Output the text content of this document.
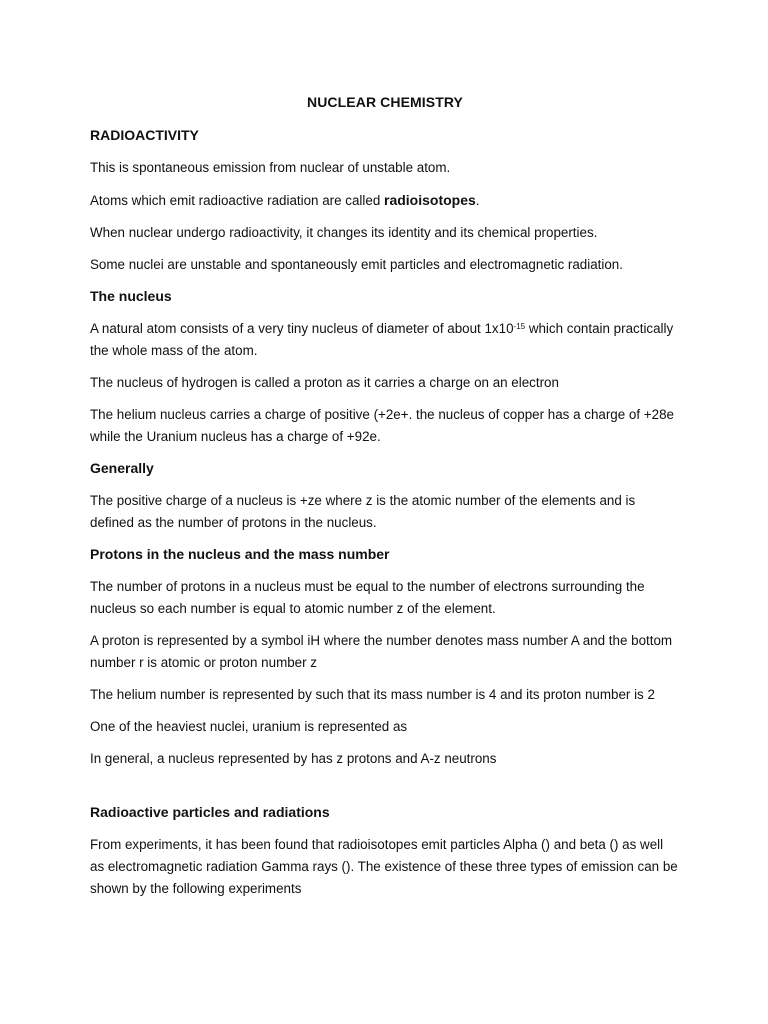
NUCLEAR CHEMISTRY
RADIOACTIVITY

This is spontaneous emission from nuclear of unstable atom.

Atoms which emit radioactive radiation are called radioisotopes.

When nuclear undergo radioactivity, it changes its identity and its chemical properties.

Some nuclei are unstable and spontaneously emit particles and electromagnetic radiation.

The nucleus

A natural atom consists of a very tiny nucleus of diameter of about $1x10^{-15}$ which contain practically the whole mass of the atom.

The nucleus of hydrogen is called a proton as it carries a charge on an electron

The helium nucleus carries a charge of positive (+2e+. the nucleus of copper has a charge of +28e while the Uranium nucleus has a charge of +92e.

Generally

The positive charge of a nucleus is +ze where z is the atomic number of the elements and is defined as the number of protons in the nucleus.

Protons in the nucleus and the mass number

The number of protons in a nucleus must be equal to the number of electrons surrounding the nucleus so each number is equal to atomic number z of the element.

A proton is represented by a symbol iH where the number denotes mass number A and the bottom number r is atomic or proton number z

The helium number is represented by such that its mass number is 4 and its proton number is 2

One of the heaviest nuclei, uranium is represented as

In general, a nucleus represented by has z protons and A-z neutrons

Radioactive particles and radiations

From experiments, it has been found that radioisotopes emit particles Alpha () and beta () as well as electromagnetic radiation Gamma rays (). The existence of these three types of emission can be shown by the following experiments
